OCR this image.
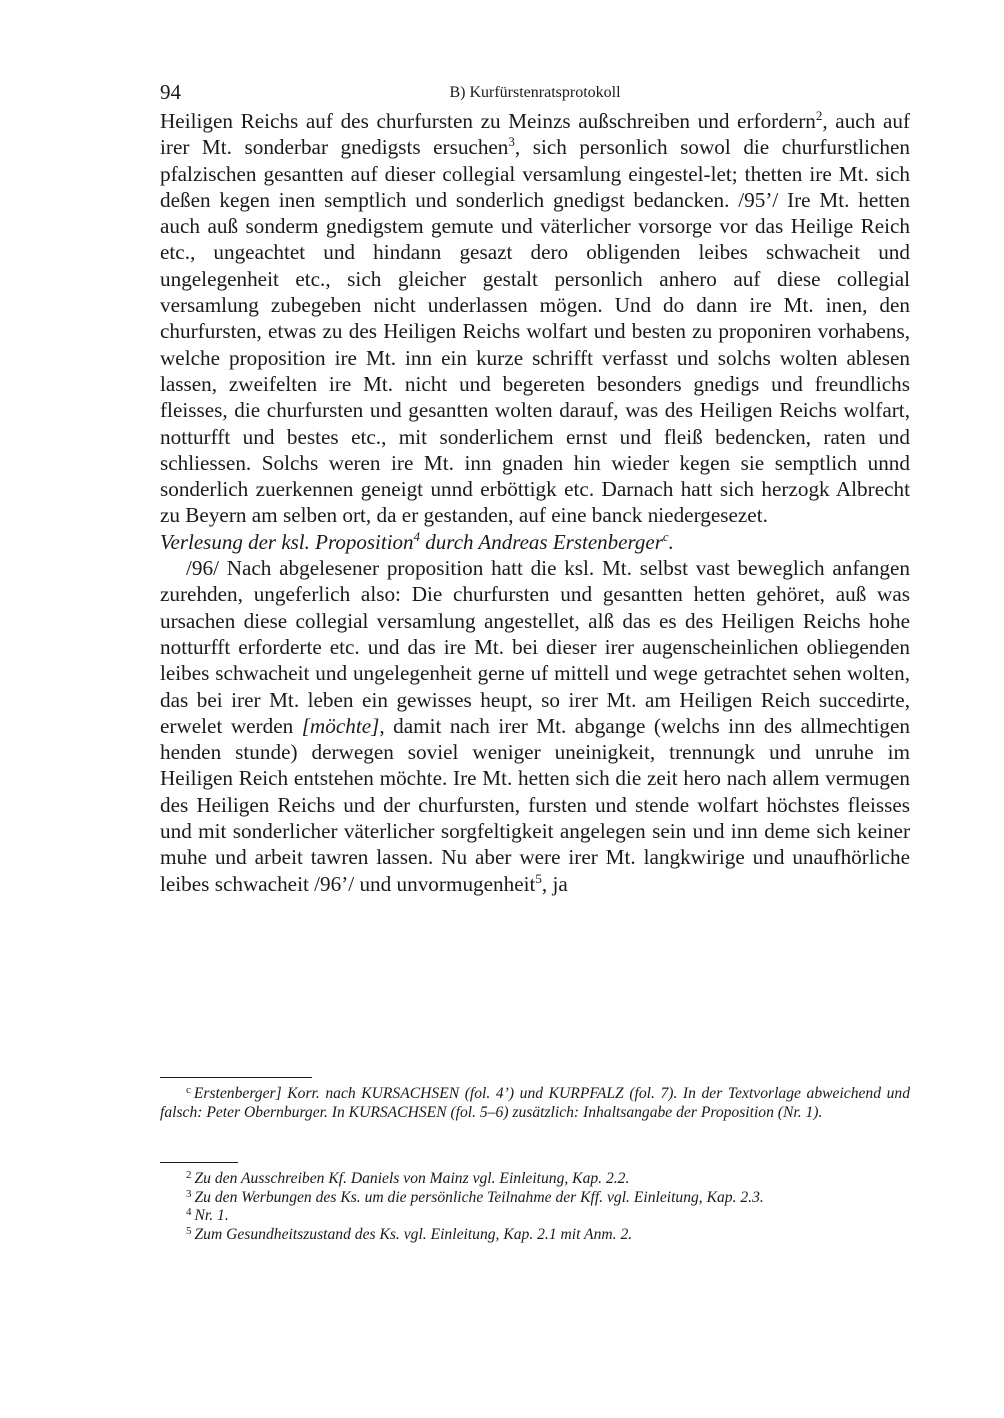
94	B) Kurfürstenratsprotokoll

Heiligen Reichs auf des churfursten zu Meinzs außschreiben und erfordern$^2$, auch auf irer Mt. sonderbar gnedigsts ersuchen$^3$, sich personlich sowol die churfurstlichen pfalzischen gesantten auf dieser collegial versamlung eingestel-let; thetten ire Mt. sich deßen kegen inen semptlich und sonderlich gnedigst bedancken. /95’/ Ire Mt. hetten auch auß sonderm gnedigstem gemute und väterlicher vorsorge vor das Heilige Reich etc., ungeachtet und hindann gesazt dero obligenden leibes schwacheit und ungelegenheit etc., sich gleicher gestalt personlich anhero auf diese collegial versamlung zubegeben nicht underlassen mögen. Und do dann ire Mt. inen, den churfursten, etwas zu des Heiligen Reichs wolfart und besten zu proponiren vorhabens, welche proposition ire Mt. inn ein kurze schrifft verfasst und solchs wolten ablesen lassen, zweifelten ire Mt. nicht und begereten besonders gnedigs und freundlichs fleisses, die churfursten und gesantten wolten darauf, was des Heiligen Reichs wolfart, notturfft und bestes etc., mit sonderlichem ernst und fleiß bedencken, raten und schliessen. Solchs weren ire Mt. inn gnaden hin wieder kegen sie semptlich unnd sonderlich zuerkennen geneigt unnd erböttigk etc. Darnach hatt sich herzogk Albrecht zu Beyern am selben ort, da er gestanden, auf eine banck niedergesezet.

Verlesung der ksl. Proposition$^4$ durch Andreas Erstenberger$^c$.

/96/ Nach abgelesener proposition hatt die ksl. Mt. selbst vast beweglich anfangen zurehden, ungeferlich also: Die churfursten und gesantten hetten gehöret, auß was ursachen diese collegial versamlung angestellet, alß das es des Heiligen Reichs hohe notturfft erforderte etc. und das ire Mt. bei dieser irer augenscheinlichen obliegenden leibes schwacheit und ungelegenheit gerne uf mittell und wege getrachtet sehen wolten, das bei irer Mt. leben ein gewisses heupt, so irer Mt. am Heiligen Reich succedirte, erwelet werden [möchte], damit nach irer Mt. abgange (welchs inn des allmechtigen henden stunde) derwegen soviel weniger uneinigkeit, trennungk und unruhe im Heiligen Reich entstehen möchte. Ire Mt. hetten sich die zeit hero nach allem vermugen des Heiligen Reichs und der churfursten, fursten und stende wolfart höchstes fleisses und mit sonderlicher väterlicher sorgfeltigkeit angelegen sein und inn deme sich keiner muhe und arbeit tawren lassen. Nu aber were irer Mt. langkwirige und unaufhörliche leibes schwacheit /96’/ und unvormugenheit$^5$, ja

$^c$ Erstenberger] Korr. nach KURSACHSEN (fol. 4’) und KURPFALZ (fol. 7). In der Textvorlage abweichend und falsch: Peter Obernburger. In KURSACHSEN (fol. 5–6) zusätzlich: Inhaltsangabe der Proposition (Nr. 1).

$^2$ Zu den Ausschreiben Kf. Daniels von Mainz vgl. Einleitung, Kap. 2.2.

$^3$ Zu den Werbungen des Ks. um die persönliche Teilnahme der Kff. vgl. Einleitung, Kap. 2.3.

$^4$ Nr. 1.

$^5$ Zum Gesundheitszustand des Ks. vgl. Einleitung, Kap. 2.1 mit Anm. 2.
